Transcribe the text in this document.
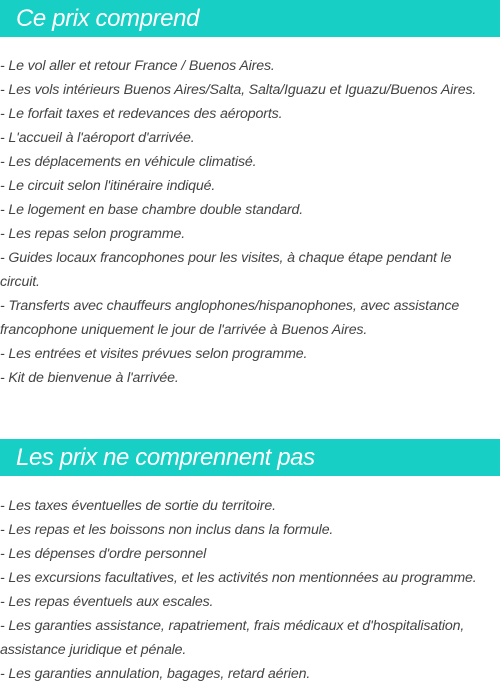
Ce prix comprend
- Le vol aller et retour France / Buenos Aires.
- Les vols intérieurs Buenos Aires/Salta, Salta/Iguazu et Iguazu/Buenos Aires.
- Le forfait taxes et redevances des aéroports.
- L'accueil à l'aéroport d'arrivée.
- Les déplacements en véhicule climatisé.
- Le circuit selon l'itinéraire indiqué.
- Le logement en base chambre double standard.
- Les repas selon programme.
- Guides locaux francophones pour les visites, à chaque étape pendant le circuit.
- Transferts avec chauffeurs anglophones/hispanophones, avec assistance francophone uniquement le jour de l'arrivée à Buenos Aires.
- Les entrées et visites prévues selon programme.
- Kit de bienvenue à l'arrivée.
Les prix ne comprennent pas
- Les taxes éventuelles de sortie du territoire.
- Les repas et les boissons non inclus dans la formule.
- Les dépenses d'ordre personnel
- Les excursions facultatives, et les activités non mentionnées au programme.
- Les repas éventuels aux escales.
- Les garanties assistance, rapatriement, frais médicaux et d'hospitalisation, assistance juridique et pénale.
- Les garanties annulation, bagages, retard aérien.
